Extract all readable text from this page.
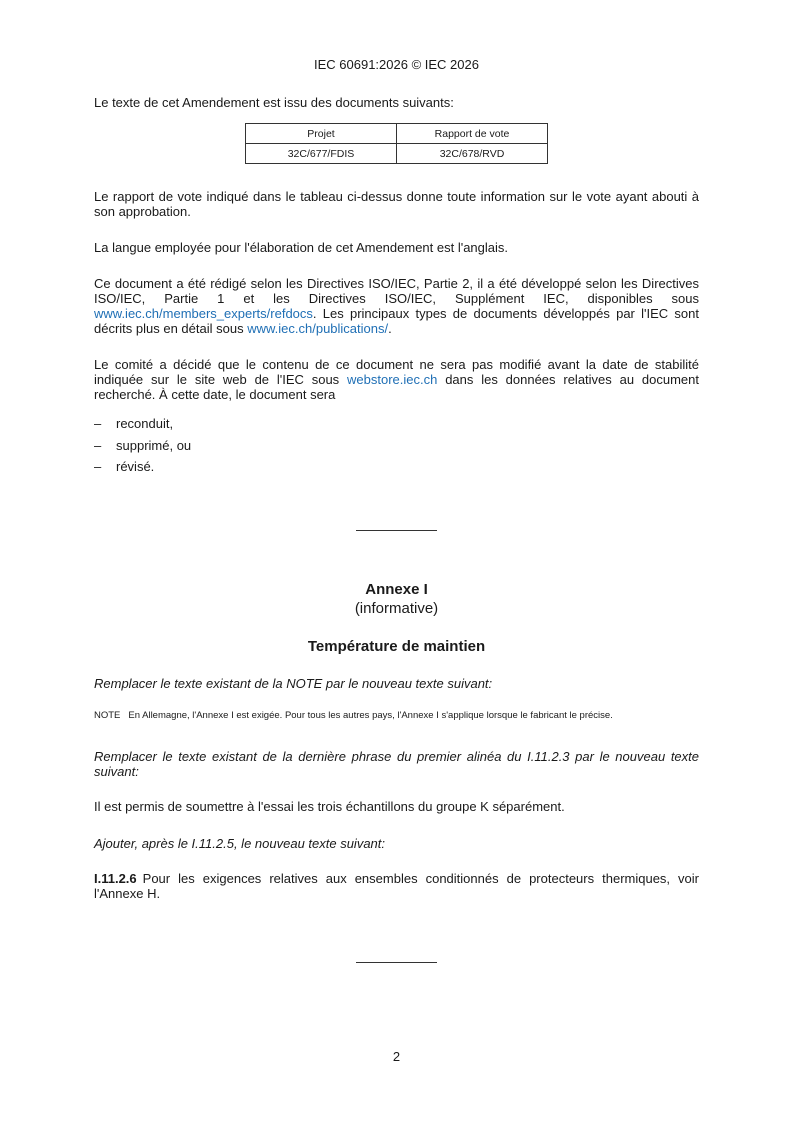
IEC 60691:2026 © IEC 2026

Le texte de cet Amendement est issu des documents suivants:

Projet	Rapport de vote
32C/677/FDIS	32C/678/RVD

Le rapport de vote indiqué dans le tableau ci-dessus donne toute information sur le vote ayant abouti à son approbation.

La langue employée pour l'élaboration de cet Amendement est l'anglais.

Ce document a été rédigé selon les Directives ISO/IEC, Partie 2, il a été développé selon les Directives ISO/IEC, Partie 1 et les Directives ISO/IEC, Supplément IEC, disponibles sous www.iec.ch/members_experts/refdocs. Les principaux types de documents développés par l'IEC sont décrits plus en détail sous www.iec.ch/publications/.

Le comité a décidé que le contenu de ce document ne sera pas modifié avant la date de stabilité indiquée sur le site web de l'IEC sous webstore.iec.ch dans les données relatives au document recherché. À cette date, le document sera

– reconduit,
– supprimé, ou
– révisé.
Annexe I
(informative)
Température de maintien

Remplacer le texte existant de la NOTE par le nouveau texte suivant:

NOTE En Allemagne, l'Annexe I est exigée. Pour tous les autres pays, l'Annexe I s'applique lorsque le fabricant le précise.

Remplacer le texte existant de la dernière phrase du premier alinéa du I.11.2.3 par le nouveau texte suivant:

Il est permis de soumettre à l'essai les trois échantillons du groupe K séparément.

Ajouter, après le I.11.2.5, le nouveau texte suivant:

I.11.2.6 Pour les exigences relatives aux ensembles conditionnés de protecteurs thermiques, voir l'Annexe H.

2
